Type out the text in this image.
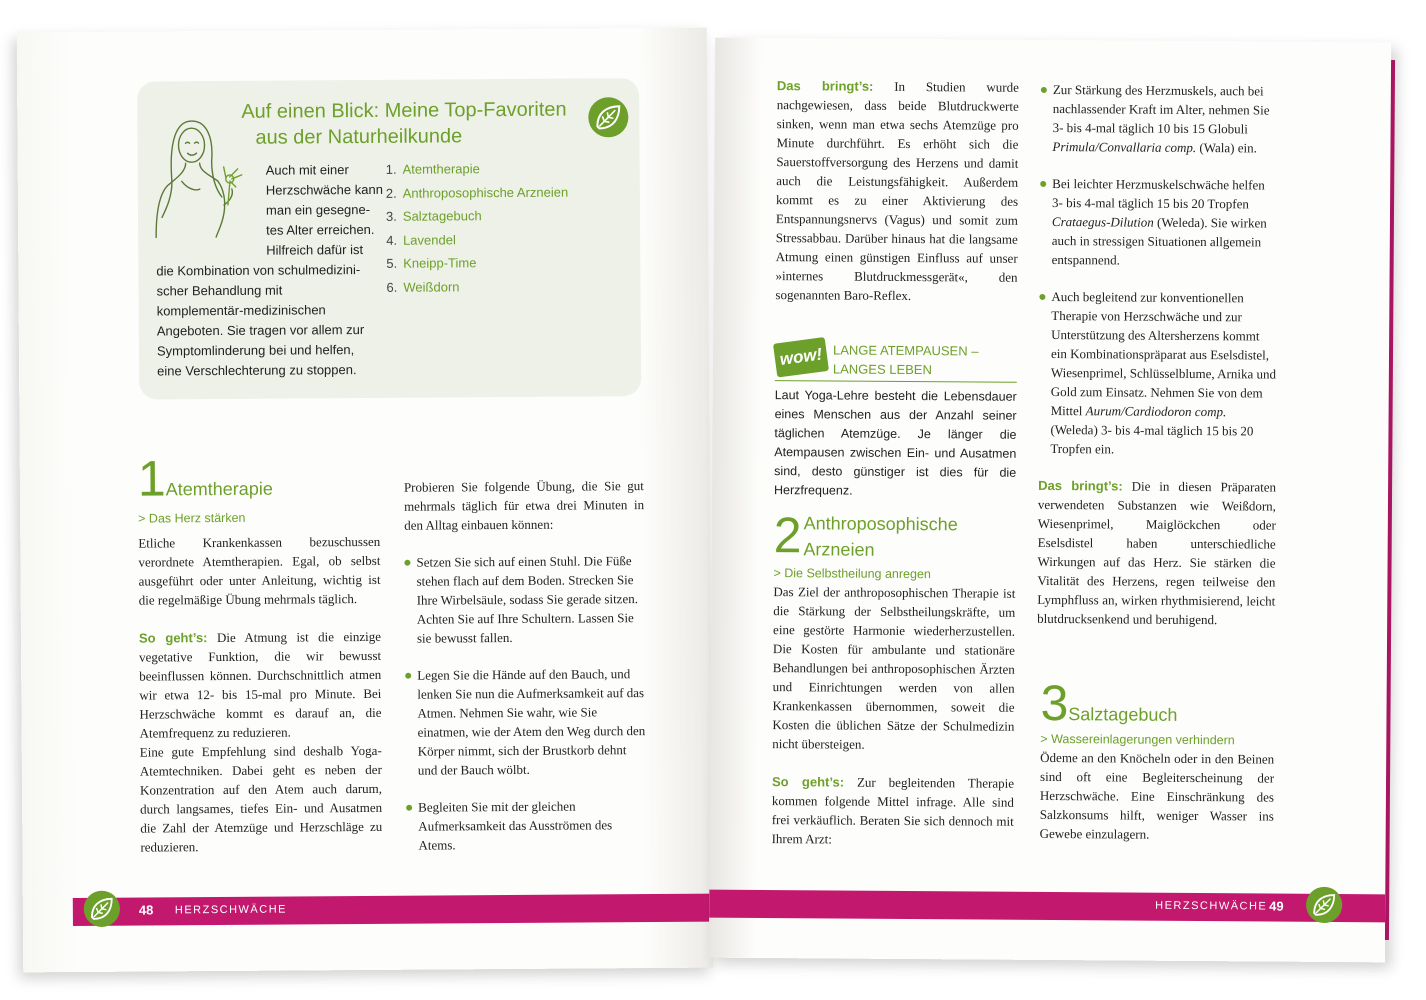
Auf einen Blick: Meine Top-Favoriten
aus der Naturheilkunde
Auch mit einer
Herzschwäche kann
man ein gesegne-
tes Alter erreichen.
Hilfreich dafür ist
die Kombination von schulmedizini-scher Behandlung mit komplementär-medizinischen Angeboten. Sie tragen vor allem zur Symptomlinderung bei und helfen, eine Verschlechterung zu stoppen.
1. Atemtherapie
2. Anthroposophische Arzneien
3. Salztagebuch
4. Lavendel
5. Kneipp-Time
6. Weißdorn
1Atemtherapie

> Das Herz stärken

Etliche Krankenkassen bezuschussen verordnete Atemtherapien. Egal, ob selbst ausgeführt oder unter Anleitung, wichtig ist die regelmäßige Übung mehrmals täglich.

So geht’s: Die Atmung ist die einzige vegetative Funktion, die wir bewusst beeinflussen können. Durchschnittlich atmen wir etwa 12- bis 15-mal pro Minute. Bei Herzschwäche kommt es darauf an, die Atemfrequenz zu reduzieren.

Eine gute Empfehlung sind deshalb Yoga-Atemtechniken. Dabei geht es neben der Konzentration auf den Atem auch darum, durch langsames, tiefes Ein- und Ausatmen die Zahl der Atemzüge und Herzschläge zu reduzieren.

Probieren Sie folgende Übung, die Sie gut mehrmals täglich für etwa drei Minuten in den Alltag einbauen können:

Setzen Sie sich auf einen Stuhl. Die Füße stehen flach auf dem Boden. Strecken Sie Ihre Wirbelsäule, sodass Sie gerade sitzen. Achten Sie auf Ihre Schultern. Lassen Sie sie bewusst fallen.
Legen Sie die Hände auf den Bauch, und lenken Sie nun die Aufmerksamkeit auf das Atmen. Nehmen Sie wahr, wie Sie einatmen, wie der Atem den Weg durch den Körper nimmt, sich der Brustkorb dehnt und der Bauch wölbt.
Begleiten Sie mit der gleichen Aufmerksamkeit das Ausströmen des Atems.
48 HERZSCHWÄCHE

Das bringt’s: In Studien wurde nachgewiesen, dass beide Blutdruckwerte sinken, wenn man etwa sechs Atemzüge pro Minute durchführt. Es erhöht sich die Sauerstoffversorgung des Herzens und damit auch die Leistungsfähigkeit. Außerdem kommt es zu einer Aktivierung des Entspannungsnervs (Vagus) und somit zum Stressabbau. Darüber hinaus hat die langsame Atmung einen günstigen Einfluss auf unser »internes Blutdruckmessgerät«, den sogenannten Baro-Reflex.

wow! LANGE ATEMPAUSEN –
LANGES LEBEN

Laut Yoga-Lehre besteht die Lebensdauer eines Menschen aus der Anzahl seiner täglichen Atemzüge. Je länger die Atempausen zwischen Ein- und Ausatmen sind, desto günstiger ist dies für die Herzfrequenz.

2 Anthroposophische
Arzneien

> Die Selbstheilung anregen

Das Ziel der anthroposophischen Therapie ist die Stärkung der Selbstheilungskräfte, um eine gestörte Harmonie wiederherzustellen. Die Kosten für ambulante und stationäre Behandlungen bei anthroposophischen Ärzten und Einrichtungen werden von allen Krankenkassen übernommen, soweit die Kosten die üblichen Sätze der Schulmedizin nicht übersteigen.

So geht’s: Zur begleitenden Therapie kommen folgende Mittel infrage. Alle sind frei verkäuflich. Beraten Sie sich dennoch mit Ihrem Arzt:

Zur Stärkung des Herzmuskels, auch bei nachlassender Kraft im Alter, nehmen Sie 3- bis 4-mal täglich 10 bis 15 Globuli Primula/Convallaria comp. (Wala) ein.
Bei leichter Herzmuskelschwäche helfen 3- bis 4-mal täglich 15 bis 20 Tropfen Crataegus-Dilution (Weleda). Sie wirken auch in stressigen Situationen allgemein entspannend.
Auch begleitend zur konventionellen Therapie von Herzschwäche und zur Unterstützung des Altersherzens kommt ein Kombinationspräparat aus Eselsdistel, Wiesenprimel, Schlüsselblume, Arnika und Gold zum Einsatz. Nehmen Sie von dem Mittel Aurum/Cardiodoron comp. (Weleda) 3- bis 4-mal täglich 15 bis 20 Tropfen ein.

Das bringt’s: Die in diesen Präparaten verwendeten Substanzen wie Weißdorn, Wiesenprimel, Maiglöckchen oder Eselsdistel haben unterschiedliche Wirkungen auf das Herz. Sie stärken die Vitalität des Herzens, regen teilweise den Lymphfluss an, wirken rhythmisierend, leicht blutdrucksenkend und beruhigend.

3Salztagebuch

> Wassereinlagerungen verhindern

Ödeme an den Knöcheln oder in den Beinen sind oft eine Begleiterscheinung der Herzschwäche. Eine Einschränkung des Salzkonsums hilft, weniger Wasser ins Gewebe einzulagern.

HERZSCHWÄCHE 49
